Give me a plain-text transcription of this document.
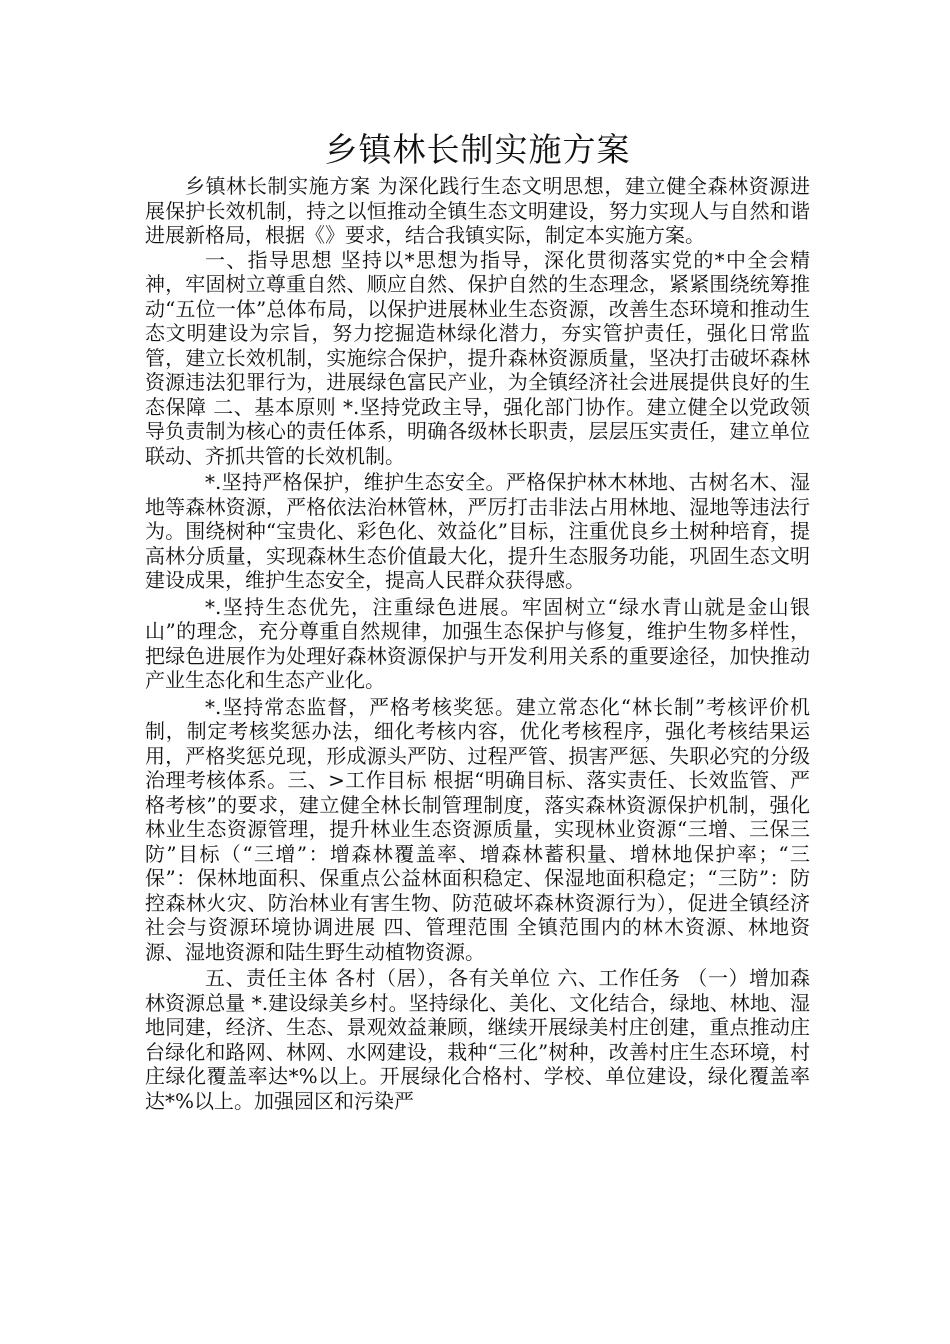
乡镇林长制实施方案

乡镇林长制实施方案 为深化践行生态文明思想，建立健全森林资源进展保护长效机制，持之以恒推动全镇生态文明建设，努力实现人与自然和谐进展新格局，根据《》要求，结合我镇实际，制定本实施方案。

一、指导思想 坚持以*思想为指导，深化贯彻落实党的*中全会精神，牢固树立尊重自然、顺应自然、保护自然的生态理念，紧紧围绕统筹推动“五位一体”总体布局，以保护进展林业生态资源，改善生态环境和推动生态文明建设为宗旨，努力挖掘造林绿化潜力，夯实管护责任，强化日常监管，建立长效机制，实施综合保护，提升森林资源质量，坚决打击破坏森林资源违法犯罪行为，进展绿色富民产业，为全镇经济社会进展提供良好的生态保障 二、基本原则 *.坚持党政主导，强化部门协作。建立健全以党政领导负责制为核心的责任体系，明确各级林长职责，层层压实责任，建立单位联动、齐抓共管的长效机制。

*.坚持严格保护，维护生态安全。严格保护林木林地、古树名木、湿地等森林资源，严格依法治林管林，严厉打击非法占用林地、湿地等违法行为。围绕树种“宝贵化、彩色化、效益化”目标，注重优良乡土树种培育，提高林分质量，实现森林生态价值最大化，提升生态服务功能，巩固生态文明建设成果，维护生态安全，提高人民群众获得感。

*.坚持生态优先，注重绿色进展。牢固树立“绿水青山就是金山银山”的理念，充分尊重自然规律，加强生态保护与修复，维护生物多样性，把绿色进展作为处理好森林资源保护与开发利用关系的重要途径，加快推动产业生态化和生态产业化。

*.坚持常态监督，严格考核奖惩。建立常态化“林长制”考核评价机制，制定考核奖惩办法，细化考核内容，优化考核程序，强化考核结果运用，严格奖惩兑现，形成源头严防、过程严管、损害严惩、失职必究的分级治理考核体系。三、>工作目标 根据“明确目标、落实责任、长效监管、严格考核”的要求，建立健全林长制管理制度，落实森林资源保护机制，强化林业生态资源管理，提升林业生态资源质量，实现林业资源“三增、三保三防”目标（“三增”：增森林覆盖率、增森林蓄积量、增林地保护率；“三保”：保林地面积、保重点公益林面积稳定、保湿地面积稳定；“三防”：防控森林火灾、防治林业有害生物、防范破坏森林资源行为），促进全镇经济社会与资源环境协调进展 四、管理范围 全镇范围内的林木资源、林地资源、湿地资源和陆生野生动植物资源。

五、责任主体 各村（居），各有关单位 六、工作任务 （一）增加森林资源总量 *.建设绿美乡村。坚持绿化、美化、文化结合，绿地、林地、湿地同建，经济、生态、景观效益兼顾，继续开展绿美村庄创建，重点推动庄台绿化和路网、林网、水网建设，栽种“三化”树种，改善村庄生态环境，村庄绿化覆盖率达*%以上。开展绿化合格村、学校、单位建设，绿化覆盖率达*%以上。加强园区和污染严
